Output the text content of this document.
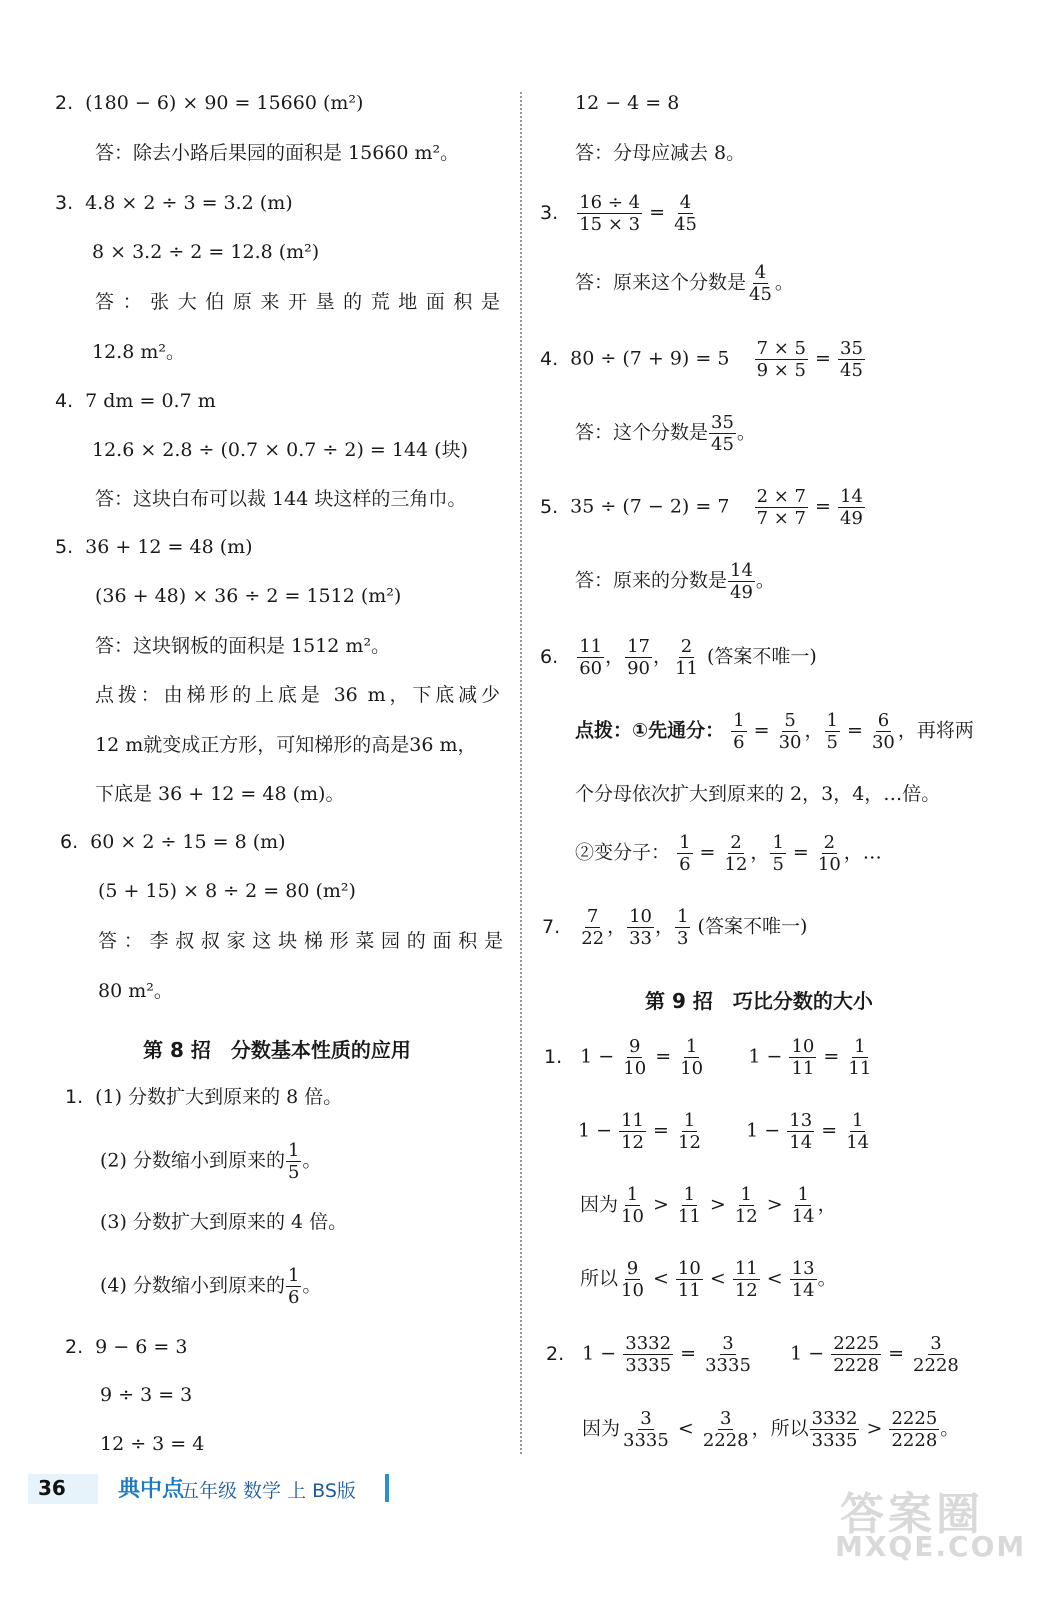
2. (180 − 6) × 90 = 15660 (m²)
答：除去小路后果园的面积是 15660 m²。
3. 4.8 × 2 ÷ 3 = 3.2 (m)
8 × 3.2 ÷ 2 = 12.8 (m²)
答：张大伯原来开垦的荒地面积是
12.8 m²。
4. 7 dm = 0.7 m
12.6 × 2.8 ÷ (0.7 × 0.7 ÷ 2) = 144 (块)
答：这块白布可以裁 144 块这样的三角巾。
5. 36 + 12 = 48 (m)
(36 + 48) × 36 ÷ 2 = 1512 (m²)
答：这块钢板的面积是 1512 m²。
点拨：由梯形的上底是 36 m，下底减少
12 m就变成正方形，可知梯形的高是36 m，
下底是 36 + 12 = 48 (m)。
6. 60 × 2 ÷ 15 = 8 (m)
(5 + 15) × 8 ÷ 2 = 80 (m²)
答：李叔叔家这块梯形菜园的面积是
80 m²。
第 8 招　分数基本性质的应用
1. (1) 分数扩大到原来的 8 倍。
(2) 分数缩小到原来的 $\frac{1}{5}$ 。
(3) 分数扩大到原来的 4 倍。
(4) 分数缩小到原来的 $\frac{1}{6}$ 。
2. 9 − 6 = 3
9 ÷ 3 = 3
12 ÷ 3 = 4
12 − 4 = 8
答：分母应减去 8。
3. $\frac{16 \div 4}{15 \times 3} = \frac{4}{45}$
答：原来这个分数是 $\frac{4}{45}$ 。
4. $80 \div (7 + 9) = 5 \frac{7 \times 5}{9 \times 5} = \frac{35}{45}$
答：这个分数是 $\frac{35}{45}$ 。
5. $35 \div (7 - 2) = 7 \frac{2 \times 7}{7 \times 7} = \frac{14}{49}$
答：原来的分数是 $\frac{14}{49}$ 。
6. $\frac{11}{60}$ ， $\frac{17}{90}$ ， $\frac{2}{11}$ (答案不唯一)
点拨：①先通分： $\frac{1}{6} = \frac{5}{30}$ ， $\frac{1}{5} = \frac{6}{30}$ ，再将两
个分母依次扩大到原来的 2，3，4，…倍。
②变分子： $\frac{1}{6} = \frac{2}{12}$ ， $\frac{1}{5} = \frac{2}{10}$ ，…
7. $\frac{7}{22}$ ， $\frac{10}{33}$ ， $\frac{1}{3}$ (答案不唯一)
第 9 招　巧比分数的大小
1. $1 - \frac{9}{10} = \frac{1}{10} 1 - \frac{10}{11} = \frac{1}{11}$
$1 - \frac{11}{12} = \frac{1}{12} 1 - \frac{13}{14} = \frac{1}{14}$
因为 $\frac{1}{10} > \frac{1}{11} > \frac{1}{12} > \frac{1}{14}$ ，
所以 $\frac{9}{10} < \frac{10}{11} < \frac{11}{12} < \frac{13}{14}$ 。
2. $1 - \frac{3332}{3335} = \frac{3}{3335} 1 - \frac{2225}{2228} = \frac{3}{2228}$
因为 $\frac{3}{3335} < \frac{3}{2228}$ ，所以 $\frac{3332}{3335} > \frac{2225}{2228}$ 。
36 典中点
五年级 数学 上 BS版	答案圈
MXQE.COM
